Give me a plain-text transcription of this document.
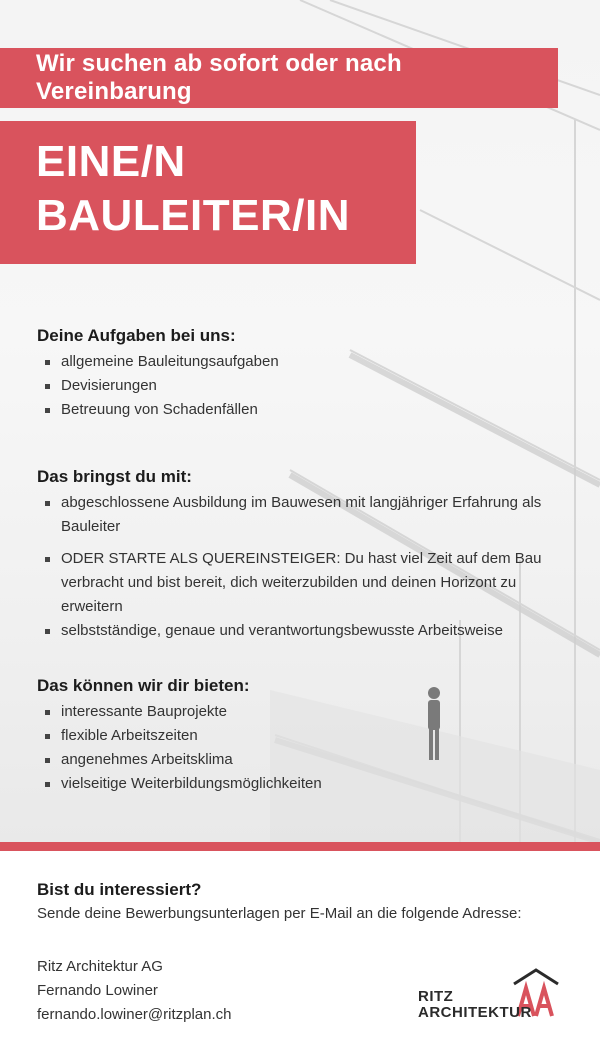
Wir suchen ab sofort oder nach Vereinbarung
EINE/N
BAULEITER/IN
Deine Aufgaben bei uns:
allgemeine Bauleitungsaufgaben
Devisierungen
Betreuung von Schadenfällen
Das bringst du mit:
abgeschlossene Ausbildung im Bauwesen mit langjähriger Erfahrung als Bauleiter
ODER STARTE ALS QUEREINSTEIGER: Du hast viel Zeit auf dem Bau verbracht und bist bereit, dich weiterzubilden und deinen Horizont zu erweitern
selbstständige, genaue und verantwortungsbewusste Arbeitsweise
Das können wir dir bieten:
interessante Bauprojekte
flexible Arbeitszeiten
angenehmes Arbeitsklima
vielseitige Weiterbildungsmöglichkeiten
Bist du interessiert?

Sende deine Bewerbungsunterlagen per E-Mail an die folgende Adresse:

Ritz Architektur AG
Fernando Lowiner
fernando.lowiner@ritzplan.ch
RITZ
ARCHITEKTUR
